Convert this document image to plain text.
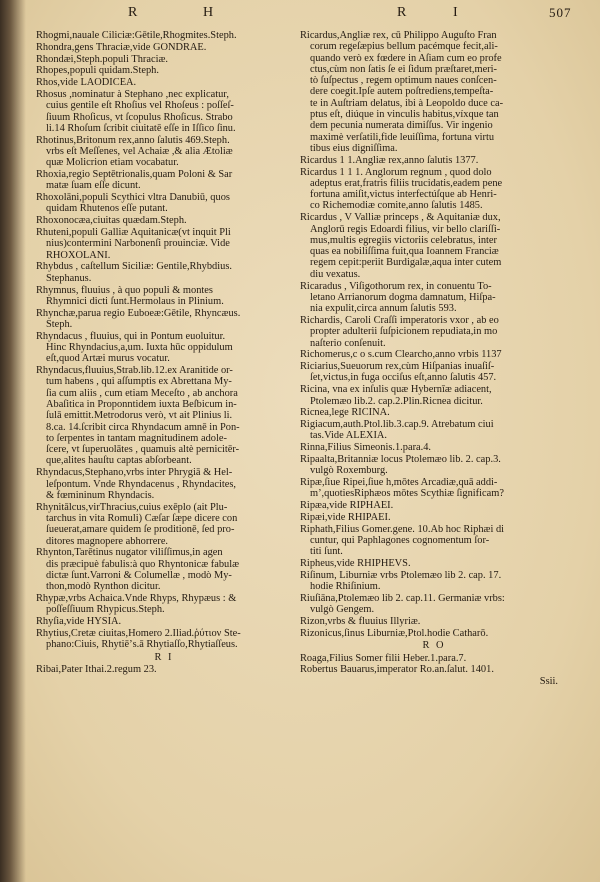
R	H	R	I	507
Rhogmi,nauale Ciliciæ:Gētile,Rhogmites.Steph.
Rhondra,gens Thraciæ,vide GONDRAE.
Rhondæi,Steph.populi Thraciæ.
Rhopes,populi quidam.Steph.
Rhos,vide LAODICEA.
Rhosus ,nominatur à Stephano ,nec explicatur,
cuius gentile eſt Rhoſius vel Rhoſeus : poſſeſ-
ſiuum Rhoſicus, vt ſcopulus Rhoſicus. Strabo
li.14 Rhoſum ſcribit ciuitatē eſſe in Iſſico ſinu.
Rhotinus,Britonum rex,anno ſalutis 469.Steph.
vrbs eſt Meſſenes, vel Achaiæ ,& alia Ætoliæ
quæ Molicrion etiam vocabatur.
Rhoxia,regio Septētrionalis,quam Poloni & Sar
matæ ſuam eſſe dicunt.
Rhoxolāni,populi Scythici vltra Danubiū, quos
quidam Rhutenos eſſe putant.
Rhoxonocæa,ciuitas quædam.Steph.
Rhuteni,populi Galliæ Aquitanicæ(vt inquit Pli
nius)contermini Narbonenſi prouinciæ. Vide
RHOXOLANI.
Rhybdus , caſtellum Siciliæ: Gentile,Rhybdius.
Stephanus.
Rhymnus, fluuius , à quo populi & montes
Rhymnici dicti ſunt.Hermolaus in Plinium.
Rhynchæ,parua regio Euboeæ:Gētile, Rhyncæus.
Steph.
Rhyndacus , fluuius, qui in Pontum euoluitur.
Hinc Rhyndacius,a,um. Iuxta hūc oppidulum
eſt,quod Artæi murus vocatur.
Rhyndacus,fluuius,Strab.lib.12.ex Aranitide or-
tum habens , qui aſſumptis ex Abrettana My-
ſia cum aliis , cum etiam Meceſto , ab anchora
Abaſitica in Proponntidem iuxta Beſbicum in-
ſulā emittit.Metrodorus verò, vt ait Plinius li.
8.ca. 14.ſcribit circa Rhyndacum amnē in Pon-
to ſerpentes in tantam magnitudinem adole-
ſcere, vt ſuperuolātes , quamuis altè pernicitēr-
que,alites hauſtu captas abſorbeant.
Rhyndacus,Stephano,vrbs inter Phrygiā & Hel-
leſpontum. Vnde Rhyndacenus , Rhyndacites,
& fœmininum Rhyndacis.
Rhynitālcus,virThracius,cuius exēplo (ait Plu-
tarchus in vita Romuli) Cæſar ſæpe dicere con
ſueuerat,amare quidem ſe proditionē, ſed pro-
ditores magnopere abhorrere.
Rhynton,Tarētinus nugator viliſſimus,in agen
dis præcipuè fabulis:à quo Rhyntonicæ fabulæ
dictæ ſunt.Varroni & Columellæ , modò My-
thon,modò Rynthon dicitur.
Rhypæ,vrbs Achaica.Vnde Rhyps, Rhypæus : &
poſſeſſiuum Rhypicus.Steph.
Rhyſia,vide HYSIA.
Rhytius,Cretæ ciuitas,Homero 2.Iliad.ῥύτιον Ste-
phano:Ciuis, Rhytiēʼs.ā Rhytiaſſo,Rhytiaſſeus.
R I
Ribai,Pater Ithai.2.regum 23.
Ricardus,Angliæ rex, cū Philippo Auguſto Fran
corum regeſæpius bellum pacémque fecit,ali-
quando verò ex fœdere in Aſiam cum eo profe
ctus,cùm non ſatis ſe ei ſidum præſtaret,meri-
tò ſuſpectus , regem optimum naues conſcen-
dere coegit.Ipſe autem poſtrediens,tempeſta-
te in Auſtriam delatus, ibi à Leopoldo duce ca-
ptus eſt, diúque in vinculis habitus,víxque tan
dem pecunia numerata dimiſſus. Vir ingenio
maximè verſatili,fide leuiſſima, fortuna virtu
tibus eius digniſſima.
Ricardus 1 1.Angliæ rex,anno ſalutis 1377.
Ricardus 1 1 1. Anglorum regnum , quod dolo
adeptus erat,fratris filiis trucidatis,eadem pene
fortuna amiſit,victus interfectúſque ab Henri-
co Richemodiæ comite,anno ſalutis 1485.
Ricardus , V Valliæ princeps , & Aquitaniæ dux,
Anglorū regis Edoardi filius, vir bello clariſſi-
mus,multis egregiis victoriis celebratus, inter
quas ea nobiliſſima fuit,qua Ioannem Franciæ
regem cepit:periit Burdigalæ,aqua inter cutem
diu vexatus.
Ricaradus , Viſigothorum rex, in conuentu To-
letano Arrianorum dogma damnatum, Hiſpa-
nia expulit,circa annum ſalutis 593.
Richardis, Caroli Craſſi imperatoris vxor , ab eo
propter adulterii ſuſpicionem repudiata,in mo
naſterio conſenuit.
Richomerus,c o s.cum Clearcho,anno vrbis 1137
Riciarius,Sueuorum rex,cùm Hiſpanias inuaſiſ-
ſet,victus,in fuga occiſus eſt,anno ſalutis 457.
Ricina, vna ex inſulis quæ Hybernīæ adiacent,
Ptolemæo lib.2. cap.2.Plin.Ricnea dicitur.
Ricnea,lege RICINA.
Rigiacum,auth.Ptol.lib.3.cap.9. Atrebatum ciui
tas.Vide ALEXIA.
Rinna,Filius Simeonis.1.para.4.
Ripaalta,Britanniæ locus Ptolemæo lib. 2. cap.3.
vulgò Roxemburg.
Ripæ,ſiue Ripei,ſiue h,mōtes Arcadiæ,quā addi-
mʼ,quotiesRiphæos mōtes Scythiæ ſignificam?
Ripæa,vide RIPHAEI.
Ripæi,vide RHIPAEI.
Riphath,Filius Gomer.gene. 10.Ab hoc Riphæi di
cuntur, qui Paphlagones cognomentum ſor-
titi ſunt.
Ripheus,vide RHIPHEVS.
Riſinum, Liburniæ vrbs Ptolemæo lib 2. cap. 17.
hodie Rhiſinium.
Riuſiāna,Ptolemæo lib 2. cap.11. Germaniæ vrbs:
vulgò Gengem.
Rizon,vrbs & fluuius Illyriæ.
Rizonicus,ſinus Liburniæ,Ptol.hodie Catharō.
R O
Roaga,Filius Somer filii Heber.1.para.7.
Robertus Bauarus,imperator Ro.an.ſalut. 1401.
Ssii.
